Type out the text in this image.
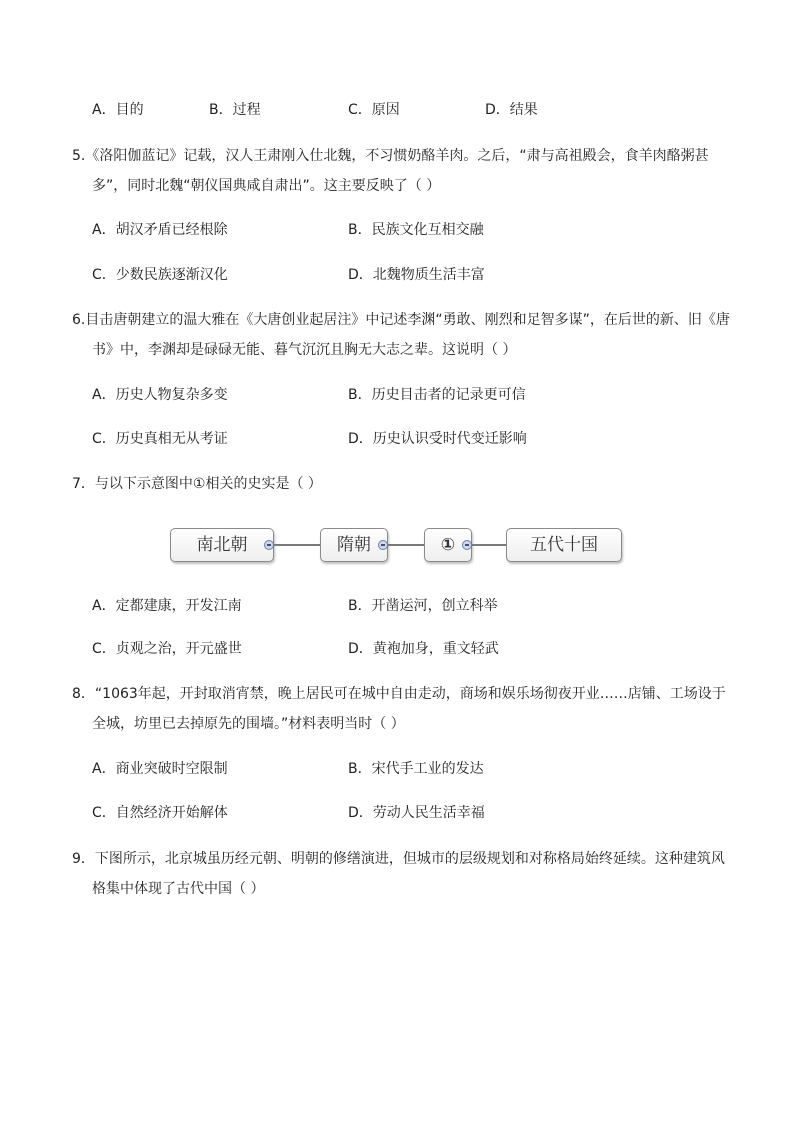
A．目的	B．过程	C．原因	D．结果
5.《洛阳伽蓝记》记载，汉人王肃刚入仕北魏，不习惯奶酪羊肉。之后，“肃与高祖殿会，食羊肉酪粥甚
多”，同时北魏“朝仪国典咸自肃出”。这主要反映了（ ）
A．胡汉矛盾已经根除	B．民族文化互相交融
C．少数民族逐渐汉化	D．北魏物质生活丰富
6.目击唐朝建立的温大雅在《大唐创业起居注》中记述李渊“勇敢、刚烈和足智多谋”，在后世的新、旧《唐
书》中，李渊却是碌碌无能、暮气沉沉且胸无大志之辈。这说明（ ）
A．历史人物复杂多变	B．历史目击者的记录更可信
C．历史真相无从考证	D．历史认识受时代变迁影响
7．与以下示意图中①相关的史实是（ ）
南北朝	隋朝	①	五代十国
A．定都建康，开发江南	B．开凿运河，创立科举
C．贞观之治，开元盛世	D．黄袍加身，重文轻武
8．“1063年起，开封取消宵禁，晚上居民可在城中自由走动，商场和娱乐场彻夜开业……店铺、工场设于
全城，坊里已去掉原先的围墙。”材料表明当时（ ）
A．商业突破时空限制	B．宋代手工业的发达
C．自然经济开始解体	D．劳动人民生活幸福
9．下图所示，北京城虽历经元朝、明朝的修缮演进，但城市的层级规划和对称格局始终延续。这种建筑风
格集中体现了古代中国（ ）
